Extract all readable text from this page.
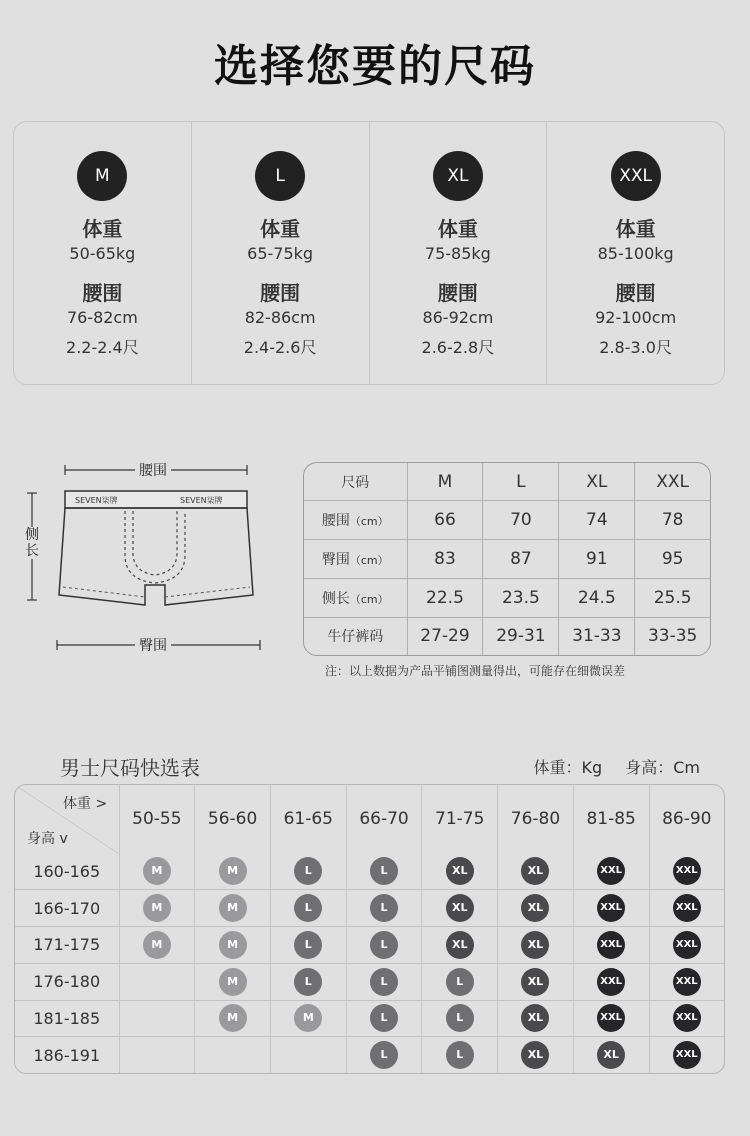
选择您要的尺码
M
体重
50-65kg
腰围
76-82cm
2.2-2.4尺
L
体重
65-75kg
腰围
82-86cm
2.4-2.6尺
XL
体重
75-85kg
腰围
86-92cm
2.6-2.8尺
XXL
体重
85-100kg
腰围
92-100cm
2.8-3.0尺
SEVEN柒牌	SEVEN柒牌
腰围
侧长
臀围
尺码	M	L	XL	XXL
腰围（cm）	66	70	74	78
臀围（cm）	83	87	91	95
侧长（cm）	22.5	23.5	24.5	25.5
牛仔裤码	27-29	29-31	31-33	33-35
注：以上数据为产品平铺图测量得出，可能存在细微误差
男士尺码快选表	体重：Kg 身高：Cm
体重 >
身高 v	50-55	56-60	61-65	66-70	71-75	76-80	81-85	86-90
160-165	M	M	L	L	XL	XL	XXL	XXL
166-170	M	M	L	L	XL	XL	XXL	XXL
171-175	M	M	L	L	XL	XL	XXL	XXL
176-180		M	L	L	L	XL	XXL	XXL
181-185		M	M	L	L	XL	XXL	XXL
186-191				L	L	XL	XL	XXL
